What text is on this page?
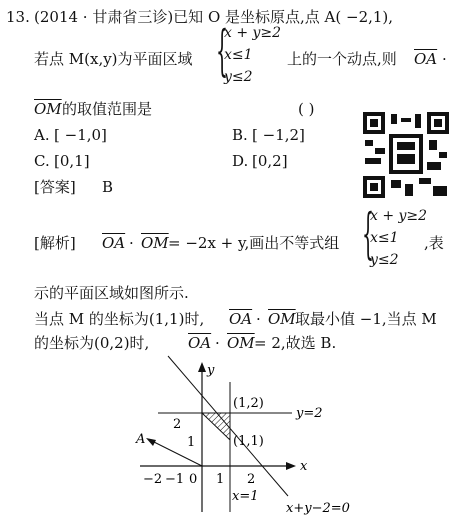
13. (2014 · 甘肃省三诊)已知 O 是坐标原点,点 A( −2,1),
若点 M(x,y)为平面区域 {
x + y≥2
x≤1
y≤2
上的一个动点,则 $\overline{OA}$ ·
$\overline{OM}$ 的取值范围是	( )
A. [ −1,0]	B. [ −1,2]
C. [0,1]	D. [0,2]
[答案] B
[解析] $\overline{OA} \cdot \overline{OM} = -2x + y$,画出不等式组 {
x + y≥2
x≤1
y≤2
,表
示的平面区域如图所示.
当点 M 的坐标为(1,1)时, $\overline{OA} \cdot \overline{OM}$ 取最小值 −1,当点 M
的坐标为(0,2)时,	$\overline{OA} \cdot \overline{OM} = 2$,故选 B.
y
x
A
(1,2)
(1,1)
y=2
x=1
x+y−2=0
−2 −1 0 1 2
2
1
